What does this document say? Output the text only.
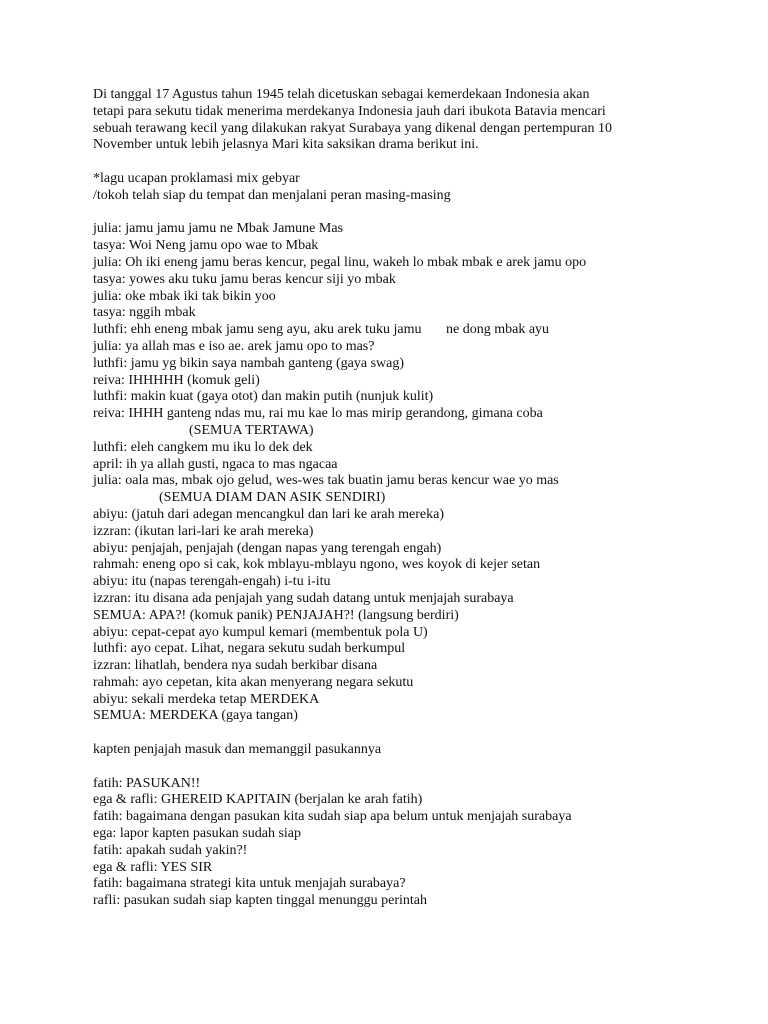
Di tanggal 17 Agustus tahun 1945 telah dicetuskan sebagai kemerdekaan Indonesia akan
tetapi para sekutu tidak menerima merdekanya Indonesia jauh dari ibukota Batavia mencari
sebuah terawang kecil yang dilakukan rakyat Surabaya yang dikenal dengan pertempuran 10
November untuk lebih jelasnya Mari kita saksikan drama berikut ini.
*lagu ucapan proklamasi mix gebyar
/tokoh telah siap du tempat dan menjalani peran masing-masing
julia: jamu jamu jamu ne Mbak Jamune Mas
tasya: Woi Neng jamu opo wae to Mbak
julia: Oh iki eneng jamu beras kencur, pegal linu, wakeh lo mbak mbak e arek jamu opo
tasya: yowes aku tuku jamu beras kencur siji yo mbak
julia: oke mbak iki tak bikin yoo
tasya: nggih mbak
luthfi: ehh eneng mbak jamu seng ayu, aku arek tuku jamu       ne dong mbak ayu
julia: ya allah mas e iso ae. arek jamu opo to mas?
luthfi: jamu yg bikin saya nambah ganteng (gaya swag)
reiva: IHHHHH (komuk geli)
luthfi: makin kuat (gaya otot) dan makin putih (nunjuk kulit)
reiva: IHHH ganteng ndas mu, rai mu kae lo mas mirip gerandong, gimana coba
(SEMUA TERTAWA)
luthfi: eleh cangkem mu iku lo dek dek
april: ih ya allah gusti, ngaca to mas ngacaa
julia: oala mas, mbak ojo gelud, wes-wes tak buatin jamu beras kencur wae yo mas
(SEMUA DIAM DAN ASIK SENDIRI)
abiyu: (jatuh dari adegan mencangkul dan lari ke arah mereka)
izzran: (ikutan lari-lari ke arah mereka)
abiyu: penjajah, penjajah (dengan napas yang terengah engah)
rahmah: eneng opo si cak, kok mblayu-mblayu ngono, wes koyok di kejer setan
abiyu: itu (napas terengah-engah) i-tu i-itu
izzran: itu disana ada penjajah yang sudah datang untuk menjajah surabaya
SEMUA: APA?! (komuk panik) PENJAJAH?! (langsung berdiri)
abiyu: cepat-cepat ayo kumpul kemari (membentuk pola U)
luthfi: ayo cepat. Lihat, negara sekutu sudah berkumpul
izzran: lihatlah, bendera nya sudah berkibar disana
rahmah: ayo cepetan, kita akan menyerang negara sekutu
abiyu: sekali merdeka tetap MERDEKA
SEMUA: MERDEKA (gaya tangan)
kapten penjajah masuk dan memanggil pasukannya
fatih: PASUKAN!!
ega & rafli: GHEREID KAPITAIN (berjalan ke arah fatih)
fatih: bagaimana dengan pasukan kita sudah siap apa belum untuk menjajah surabaya
ega: lapor kapten pasukan sudah siap
fatih: apakah sudah yakin?!
ega & rafli: YES SIR
fatih: bagaimana strategi kita untuk menjajah surabaya?
rafli: pasukan sudah siap kapten tinggal menunggu perintah
